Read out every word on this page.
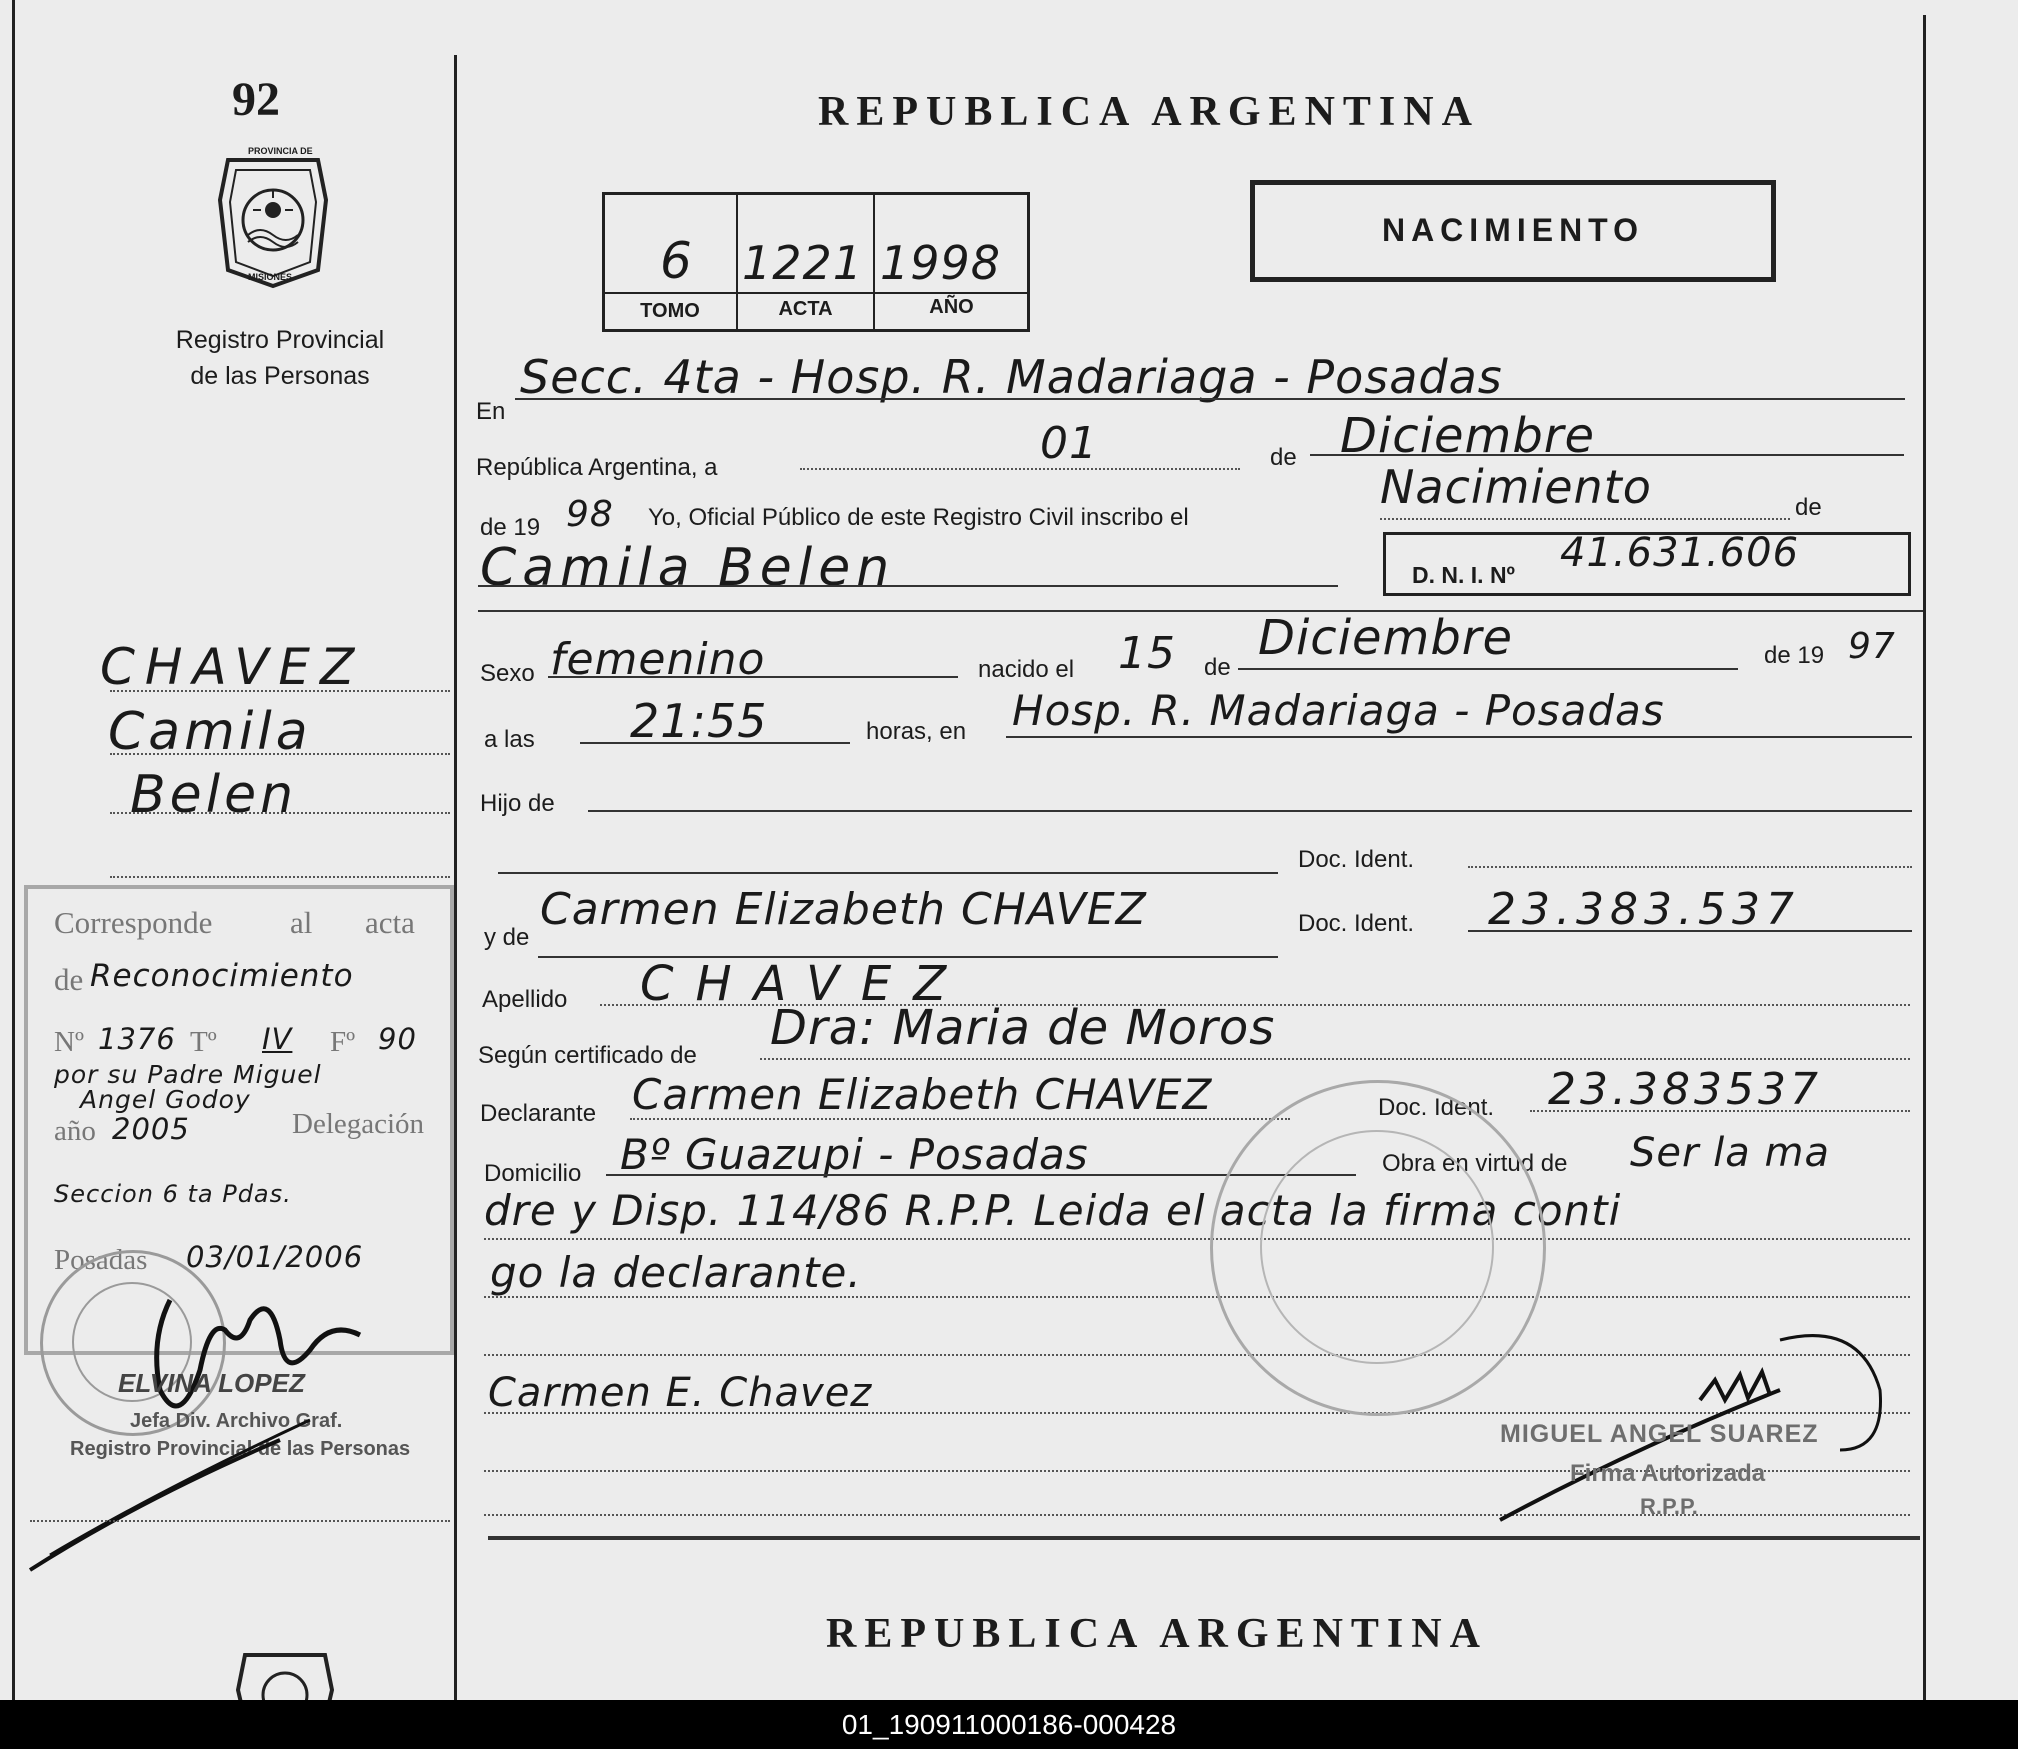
92
PROVINCIA DE
MISIONES
Registro Provincial
de las Personas
CHAVEZ
Camila
Belen
Corresponde	al acta
de Reconocimiento
Nº 1376 Tº IV Fº 90
por su Padre Miguel
Angel Godoy
año 2005	Delegación
Seccion 6 ta Pdas.
Posadas 03/01/2006
ELVINA LOPEZ
Jefa Div. Archivo Graf.
Registro Provincial de las Personas
REPUBLICA ARGENTINA
6 1221 1998
TOMO	ACTA	AÑO
NACIMIENTO
En
Secc. 4ta - Hosp. R. Madariaga - Posadas
República Argentina, a	01	de Diciembre
de 19 98 Yo, Oficial Público de este Registro Civil inscribo el
Nacimiento	de
Camila Belen	D. N. I. Nº 41.631.606
Sexo femenino	nacido el 15 de
Diciembre	de 19 97
a las 21:55	horas, en Hosp. R. Madariaga - Posadas
Hijo de
Doc. Ident.
y de
Carmen Elizabeth CHAVEZ	Doc. Ident. 23.383.537
Apellido CHAVEZ
Según certificado de Dra: Maria de Moros
Declarante Carmen Elizabeth CHAVEZ	Doc. Ident. 23.383537
Domicilio Bº Guazupi - Posadas	Obra en virtud de Ser la ma
dre y Disp. 114/86 R.P.P. Leida el acta la firma conti
go la declarante.
Carmen E. Chavez
MIGUEL ANGEL SUAREZ
Firma Autorizada
R.P.P.
REPUBLICA ARGENTINA
01_190911000186-000428
